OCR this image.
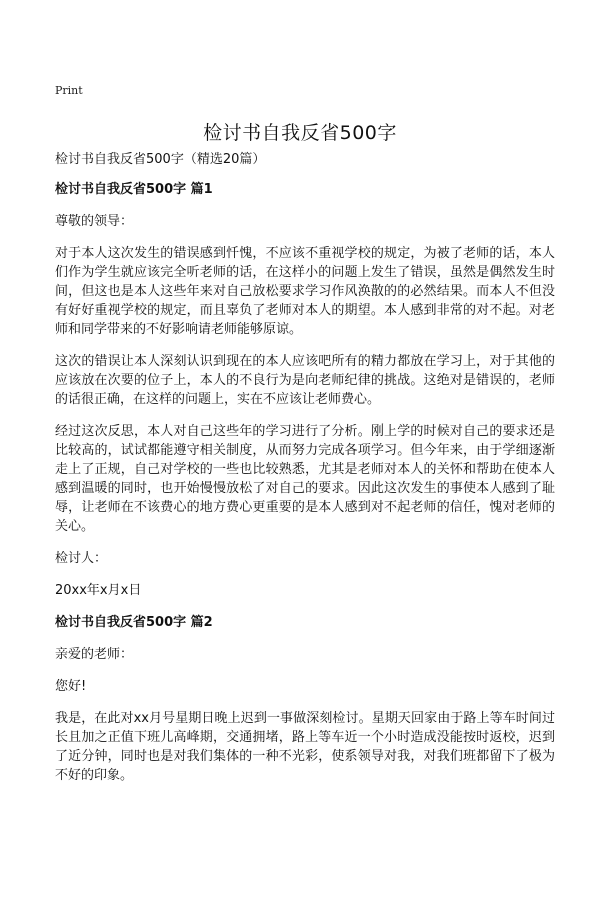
Print
检讨书自我反省500字

检讨书自我反省500字（精选20篇）

检讨书自我反省500字 篇1

尊敬的领导：

对于本人这次发生的错误感到忏愧，不应该不重视学校的规定，为被了老师的话，本人们作为学生就应该完全听老师的话，在这样小的问题上发生了错误，虽然是偶然发生时间，但这也是本人这些年来对自己放松要求学习作风涣散的的必然结果。而本人不但没有好好重视学校的规定，而且辜负了老师对本人的期望。本人感到非常的对不起。对老师和同学带来的不好影响请老师能够原谅。

这次的错误让本人深刻认识到现在的本人应该吧所有的精力都放在学习上，对于其他的应该放在次要的位子上，本人的不良行为是向老师纪律的挑战。这绝对是错误的，老师的话很正确，在这样的问题上，实在不应该让老师费心。

经过这次反思，本人对自己这些年的学习进行了分析。刚上学的时候对自己的要求还是比较高的，试试都能遵守相关制度，从而努力完成各项学习。但今年来，由于学细逐渐走上了正规，自己对学校的一些也比较熟悉，尤其是老师对本人的关怀和帮助在使本人感到温暖的同时，也开始慢慢放松了对自己的要求。因此这次发生的事使本人感到了耻辱，让老师在不该费心的地方费心更重要的是本人感到对不起老师的信任，愧对老师的关心。

检讨人：

20xx年x月x日

检讨书自我反省500字 篇2

亲爱的老师：

您好!

我是，在此对xx月号星期日晚上迟到一事做深刻检讨。星期天回家由于路上等车时间过长且加之正值下班儿高峰期，交通拥堵，路上等车近一个小时造成没能按时返校，迟到了近分钟，同时也是对我们集体的一种不光彩，使系领导对我，对我们班都留下了极为不好的印象。
